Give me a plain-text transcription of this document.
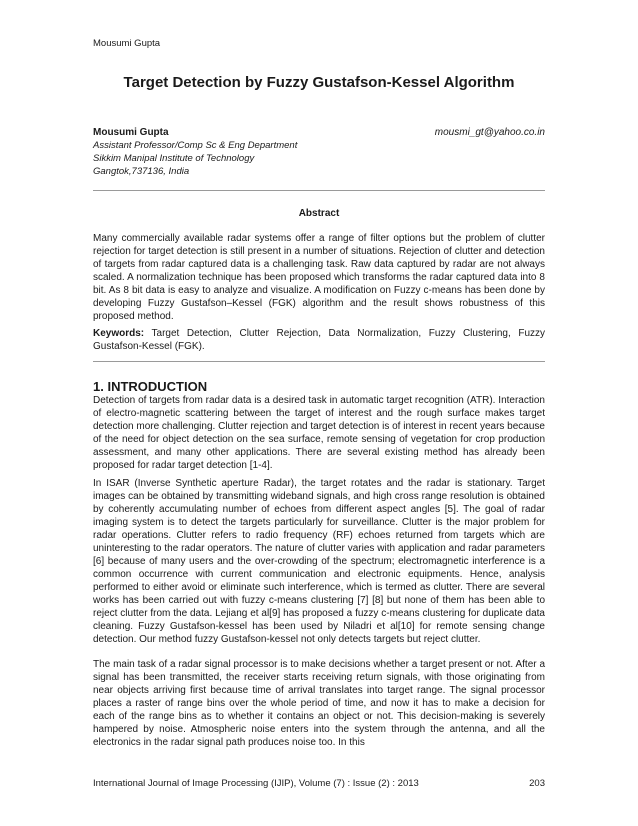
Mousumi Gupta
Target Detection by Fuzzy Gustafson-Kessel Algorithm
Mousumi Gupta	mousmi_gt@yahoo.co.in
Assistant Professor/Comp Sc & Eng Department
Sikkim Manipal Institute of Technology
Gangtok,737136, India
Abstract
Many commercially available radar systems offer a range of filter options but the problem of clutter rejection for target detection is still present in a number of situations. Rejection of clutter and detection of targets from radar captured data is a challenging task. Raw data captured by radar are not always scaled. A normalization technique has been proposed which transforms the radar captured data into 8 bit. As 8 bit data is easy to analyze and visualize. A modification on Fuzzy c-means has been done by developing Fuzzy Gustafson–Kessel (FGK) algorithm and the result shows robustness of this proposed method.
Keywords: Target Detection, Clutter Rejection, Data Normalization, Fuzzy Clustering, Fuzzy Gustafson-Kessel (FGK).
1. INTRODUCTION
Detection of targets from radar data is a desired task in automatic target recognition (ATR). Interaction of electro-magnetic scattering between the target of interest and the rough surface makes target detection more challenging. Clutter rejection and target detection is of interest in recent years because of the need for object detection on the sea surface, remote sensing of vegetation for crop production assessment, and many other applications. There are several existing method has already been proposed for radar target detection [1-4].
In ISAR (Inverse Synthetic aperture Radar), the target rotates and the radar is stationary. Target images can be obtained by transmitting wideband signals, and high cross range resolution is obtained by coherently accumulating number of echoes from different aspect angles [5]. The goal of radar imaging system is to detect the targets particularly for surveillance. Clutter is the major problem for radar operations. Clutter refers to radio frequency (RF) echoes returned from targets which are uninteresting to the radar operators. The nature of clutter varies with application and radar parameters [6] because of many users and the over-crowding of the spectrum; electromagnetic interference is a common occurrence with current communication and electronic equipments. Hence, analysis performed to either avoid or eliminate such interference, which is termed as clutter. There are several works has been carried out with fuzzy c-means clustering [7] [8] but none of them has been able to reject clutter from the data. Lejiang et al[9] has proposed a fuzzy c-means clustering for duplicate data cleaning. Fuzzy Gustafson-kessel has been used by Niladri et al[10] for remote sensing change detection. Our method fuzzy Gustafson-kessel not only detects targets but reject clutter.
The main task of a radar signal processor is to make decisions whether a target present or not. After a signal has been transmitted, the receiver starts receiving return signals, with those originating from near objects arriving first because time of arrival translates into target range. The signal processor places a raster of range bins over the whole period of time, and now it has to make a decision for each of the range bins as to whether it contains an object or not. This decision-making is severely hampered by noise. Atmospheric noise enters into the system through the antenna, and all the electronics in the radar signal path produces noise too. In this
International Journal of Image Processing (IJIP), Volume (7) : Issue (2) : 2013	203
